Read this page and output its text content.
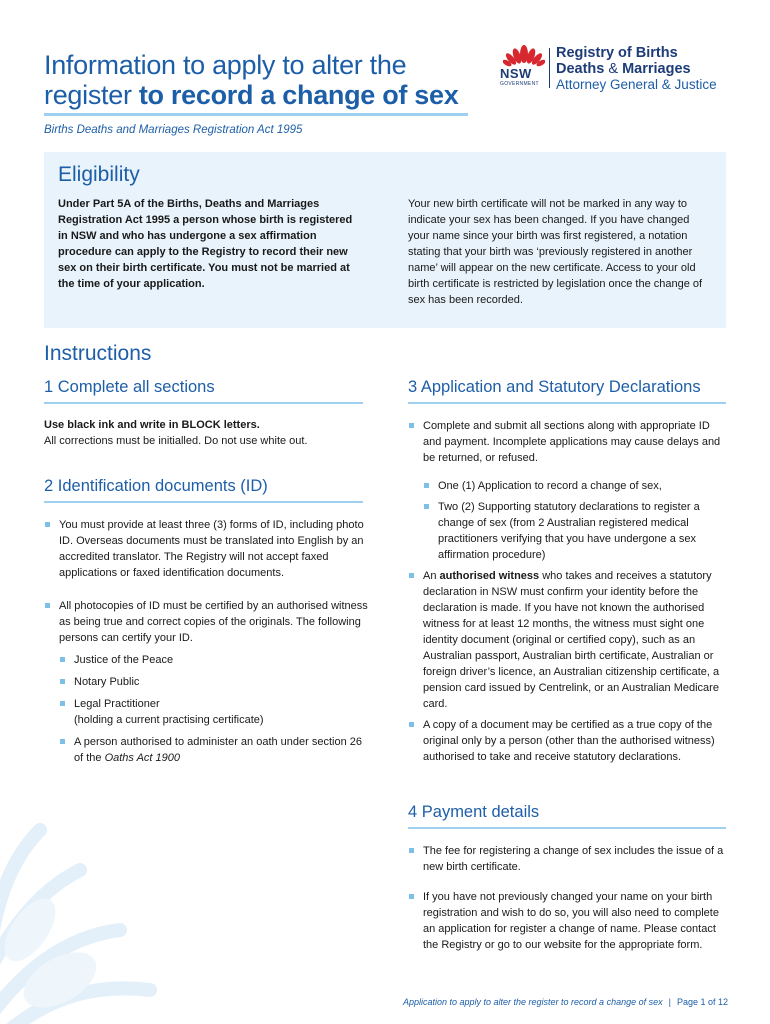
Information to apply to alter the
register to record a change of sex
Births Deaths and Marriages Registration Act 1995
NSW
GOVERNMENT
Registry of Births
Deaths & Marriages
Attorney General & Justice
Eligibility
Under Part 5A of the Births, Deaths and Marriages Registration Act 1995 a person whose birth is registered in NSW and who has undergone a sex affirmation procedure can apply to the Registry to record their new sex on their birth certificate. You must not be married at the time of your application.
Your new birth certificate will not be marked in any way to indicate your sex has been changed. If you have changed your name since your birth was first registered, a notation stating that your birth was ‘previously registered in another name’ will appear on the new certificate. Access to your old birth certificate is restricted by legislation once the change of sex has been recorded.
Instructions
1 Complete all sections
Use black ink and write in BLOCK letters.
All corrections must be initialled. Do not use white out.
2 Identification documents (ID)
You must provide at least three (3) forms of ID, including photo ID. Overseas documents must be translated into English by an accredited translator. The Registry will not accept faxed applications or faxed identification documents.
All photocopies of ID must be certified by an authorised witness as being true and correct copies of the originals. The following persons can certify your ID.
Justice of the Peace
Notary Public
Legal Practitioner
(holding a current practising certificate)
A person authorised to administer an oath under section 26 of the Oaths Act 1900
3 Application and Statutory Declarations
Complete and submit all sections along with appropriate ID and payment. Incomplete applications may cause delays and be returned, or refused.
One (1) Application to record a change of sex,
Two (2) Supporting statutory declarations to register a change of sex (from 2 Australian registered medical practitioners verifying that you have undergone a sex affirmation procedure)
An authorised witness who takes and receives a statutory declaration in NSW must confirm your identity before the declaration is made. If you have not known the authorised witness for at least 12 months, the witness must sight one identity document (original or certified copy), such as an Australian passport, Australian birth certificate, Australian or foreign driver’s licence, an Australian citizenship certificate, a pension card issued by Centrelink, or an Australian Medicare card.
A copy of a document may be certified as a true copy of the original only by a person (other than the authorised witness) authorised to take and receive statutory declarations.
4 Payment details
The fee for registering a change of sex includes the issue of a new birth certificate.
If you have not previously changed your name on your birth registration and wish to do so, you will also need to complete an application for register a change of name. Please contact the Registry or go to our website for the appropriate form.
Application to apply to alter the register to record a change of sex | Page 1 of 12
